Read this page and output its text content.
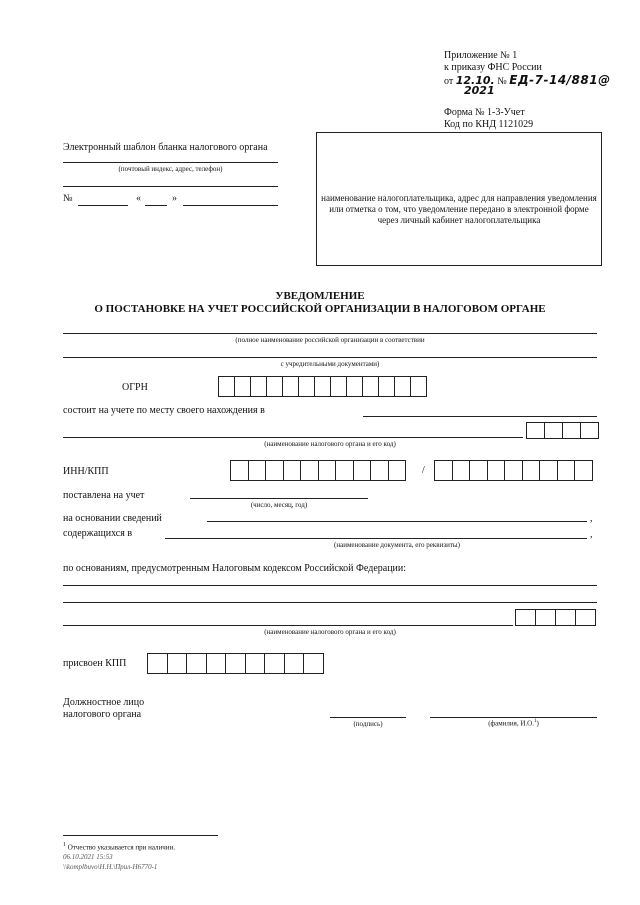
Приложение № 1
к приказу ФНС России
от 12.10. № ЕД-7-14/881@
2021
Форма № 1-3-Учет
Код по КНД 1121029
Электронный шаблон бланка налогового органа
(почтовый индекс, адрес, телефон)
№	«	»	наименование налогоплательщика, адрес для направления уведомления или отметка о том, что уведомление передано в электронной форме через личный кабинет налогоплательщика
УВЕДОМЛЕНИЕ
О ПОСТАНОВКЕ НА УЧЕТ РОССИЙСКОЙ ОРГАНИЗАЦИИ В НАЛОГОВОМ ОРГАНЕ
(полное наименование российской организации в соответствии
с учредительными документами)
ОГРН
состоит на учете по месту своего нахождения в
(наименование налогового органа и его код)
ИНН/КПП	/
поставлена на учет
(число, месяц, год)
на основании сведений	,
содержащихся в	,
(наименование документа, его реквизиты)
по основаниям, предусмотренным Налоговым кодексом Российской Федерации:
(наименование налогового органа и его код)
присвоен КПП
Должностное лицо
налогового органа
(подпись)	(фамилия, И.О.$^1$)
$^1$ Отчество указывается при наличии.
06.10.2021 15:53
\\komplbuvo\Н.Н.\Прил-Н6770-1
